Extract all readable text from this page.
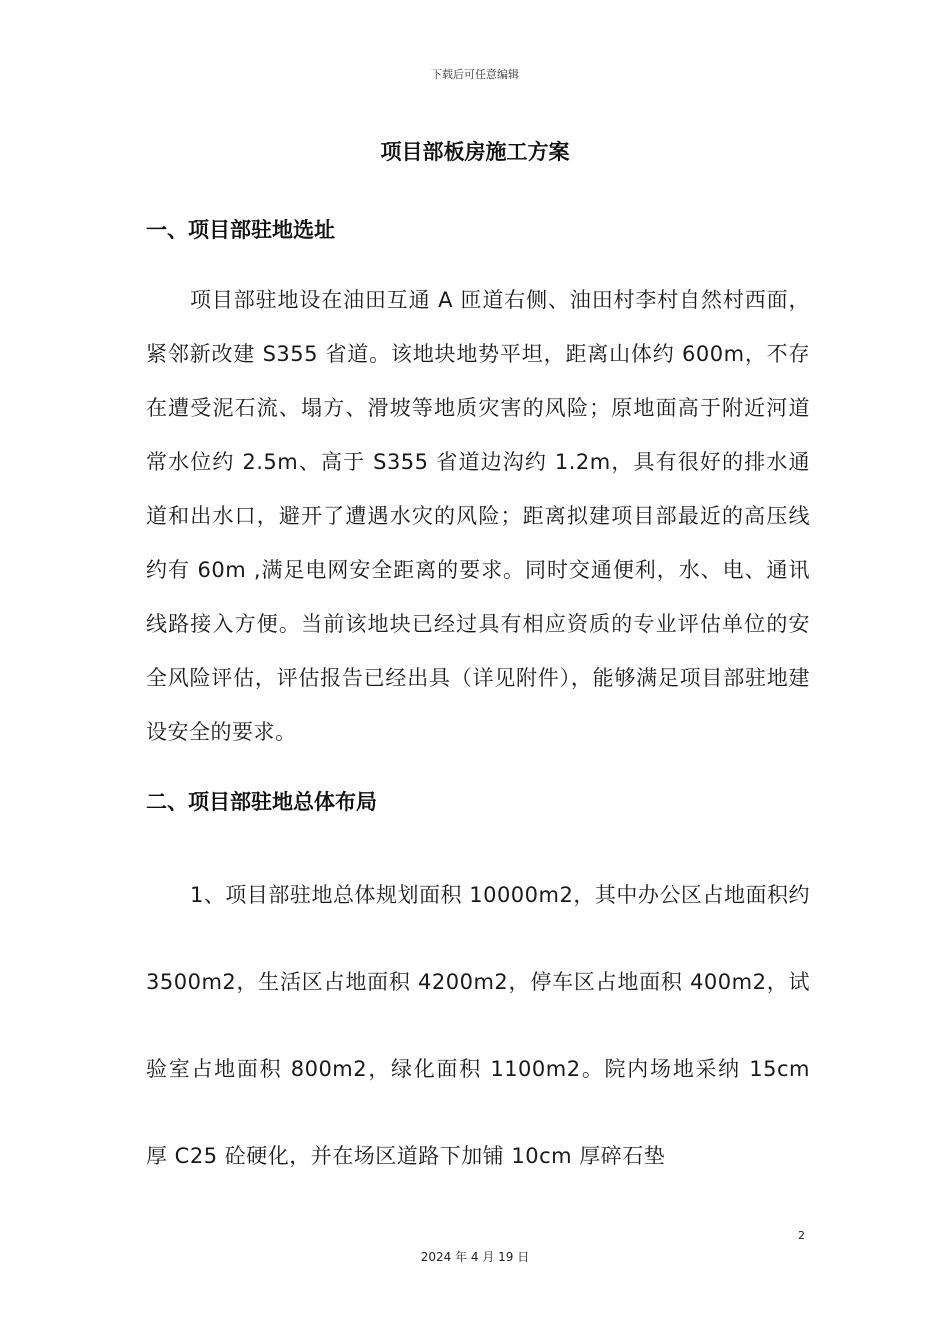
下载后可任意编辑
项目部板房施工方案
一、项目部驻地选址

项目部驻地设在油田互通 A 匝道右侧、油田村李村自然村西面，紧邻新改建 S355 省道。该地块地势平坦，距离山体约 600m，不存在遭受泥石流、塌方、滑坡等地质灾害的风险；原地面高于附近河道常水位约 2.5m、高于 S355 省道边沟约 1.2m，具有很好的排水通道和出水口，避开了遭遇水灾的风险；距离拟建项目部最近的高压线约有 60m ,满足电网安全距离的要求。同时交通便利，水、电、通讯线路接入方便。当前该地块已经过具有相应资质的专业评估单位的安全风险评估，评估报告已经出具（详见附件），能够满足项目部驻地建设安全的要求。

二、项目部驻地总体布局

1、项目部驻地总体规划面积 10000m2，其中办公区占地面积约 3500m2，生活区占地面积 4200m2，停车区占地面积 400m2，试验室占地面积 800m2，绿化面积 1100m2。院内场地采纳 15cm 厚 C25 砼硬化，并在场区道路下加铺 10cm 厚碎石垫

2
2024 年 4 月 19 日
